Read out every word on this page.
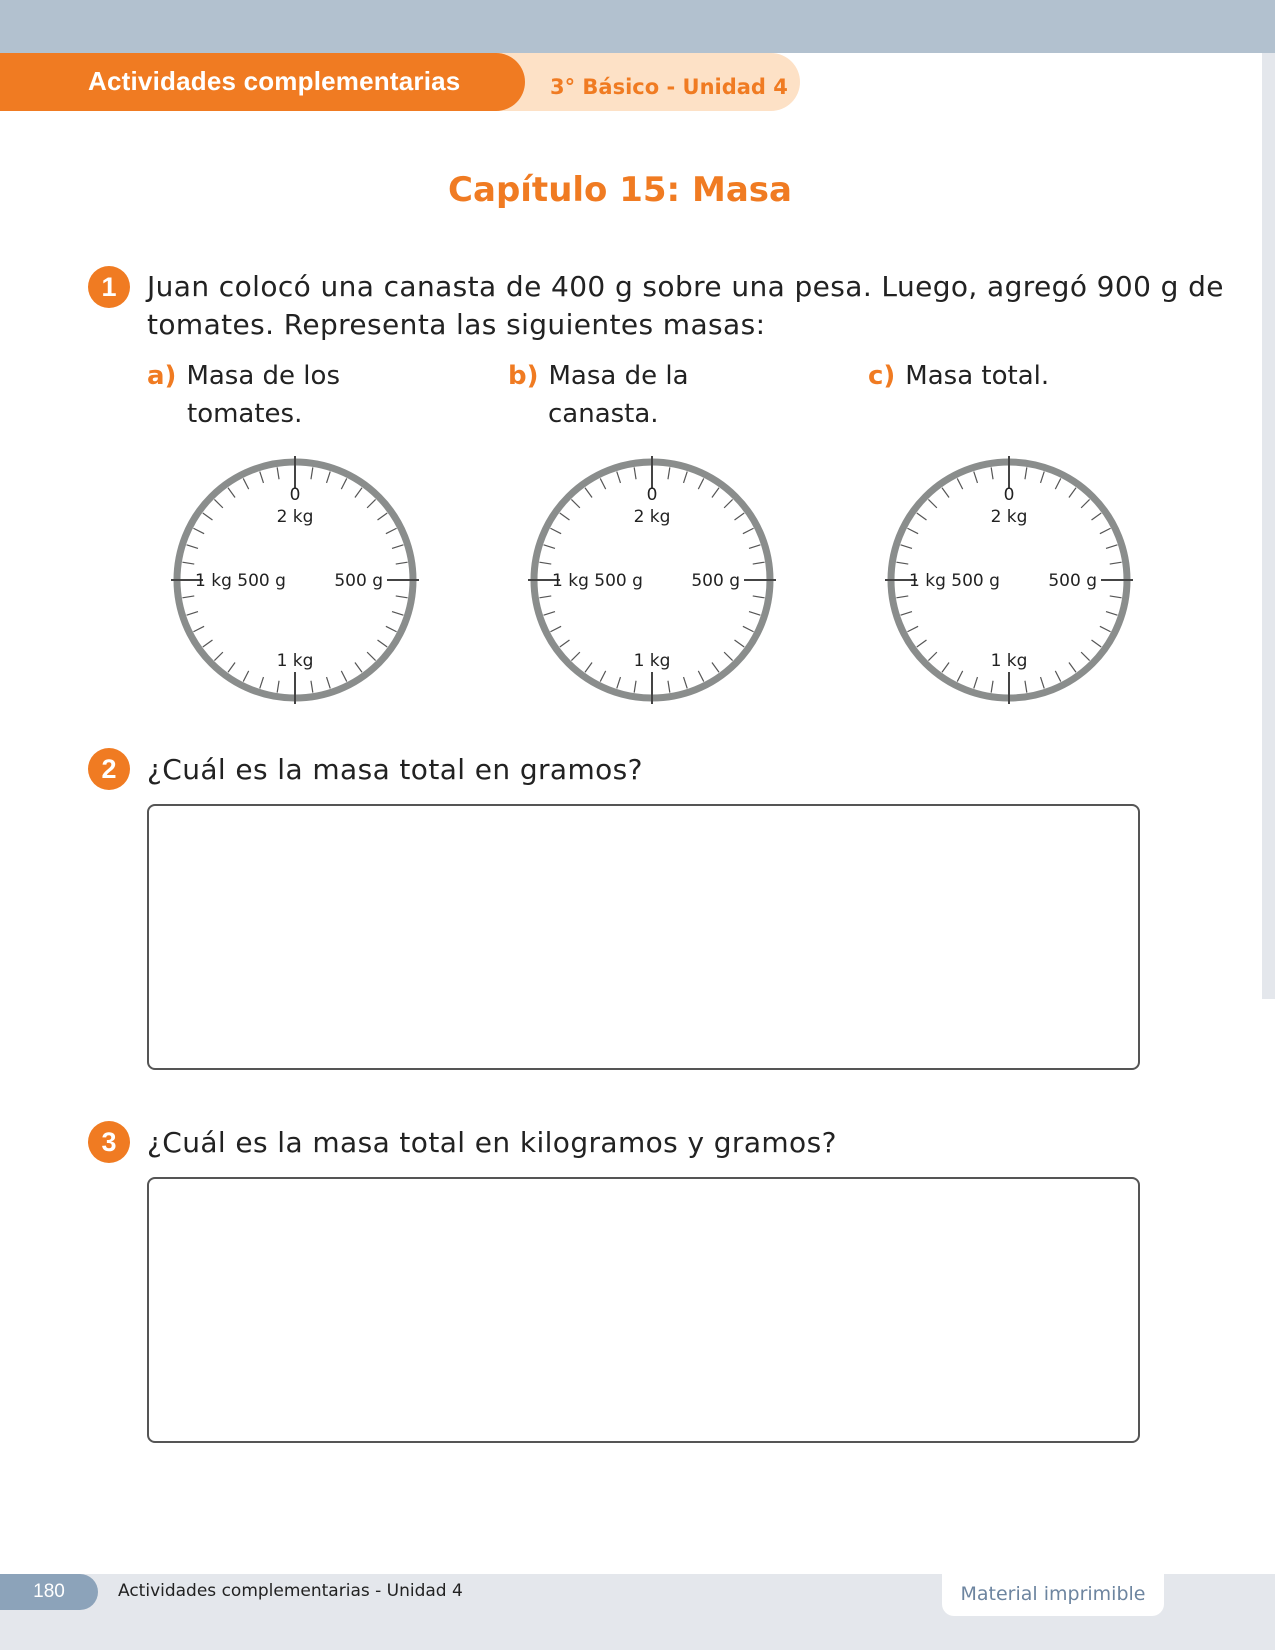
Actividades complementarias	3° Básico - Unidad 4
Capítulo 15: Masa
1	Juan colocó una canasta de 400 g sobre una pesa. Luego, agregó 900 g de
tomates. Representa las siguientes masas:
a) Masa de los
tomates.
b) Masa de la
canasta.
c) Masa total.
0
2 kg
500 g
1 kg
1 kg 500 g
0
2 kg
500 g
1 kg
1 kg 500 g
0
2 kg
500 g
1 kg
1 kg 500 g
2	¿Cuál es la masa total en gramos?
3	¿Cuál es la masa total en kilogramos y gramos?
180	Actividades complementarias - Unidad 4	Material imprimible
